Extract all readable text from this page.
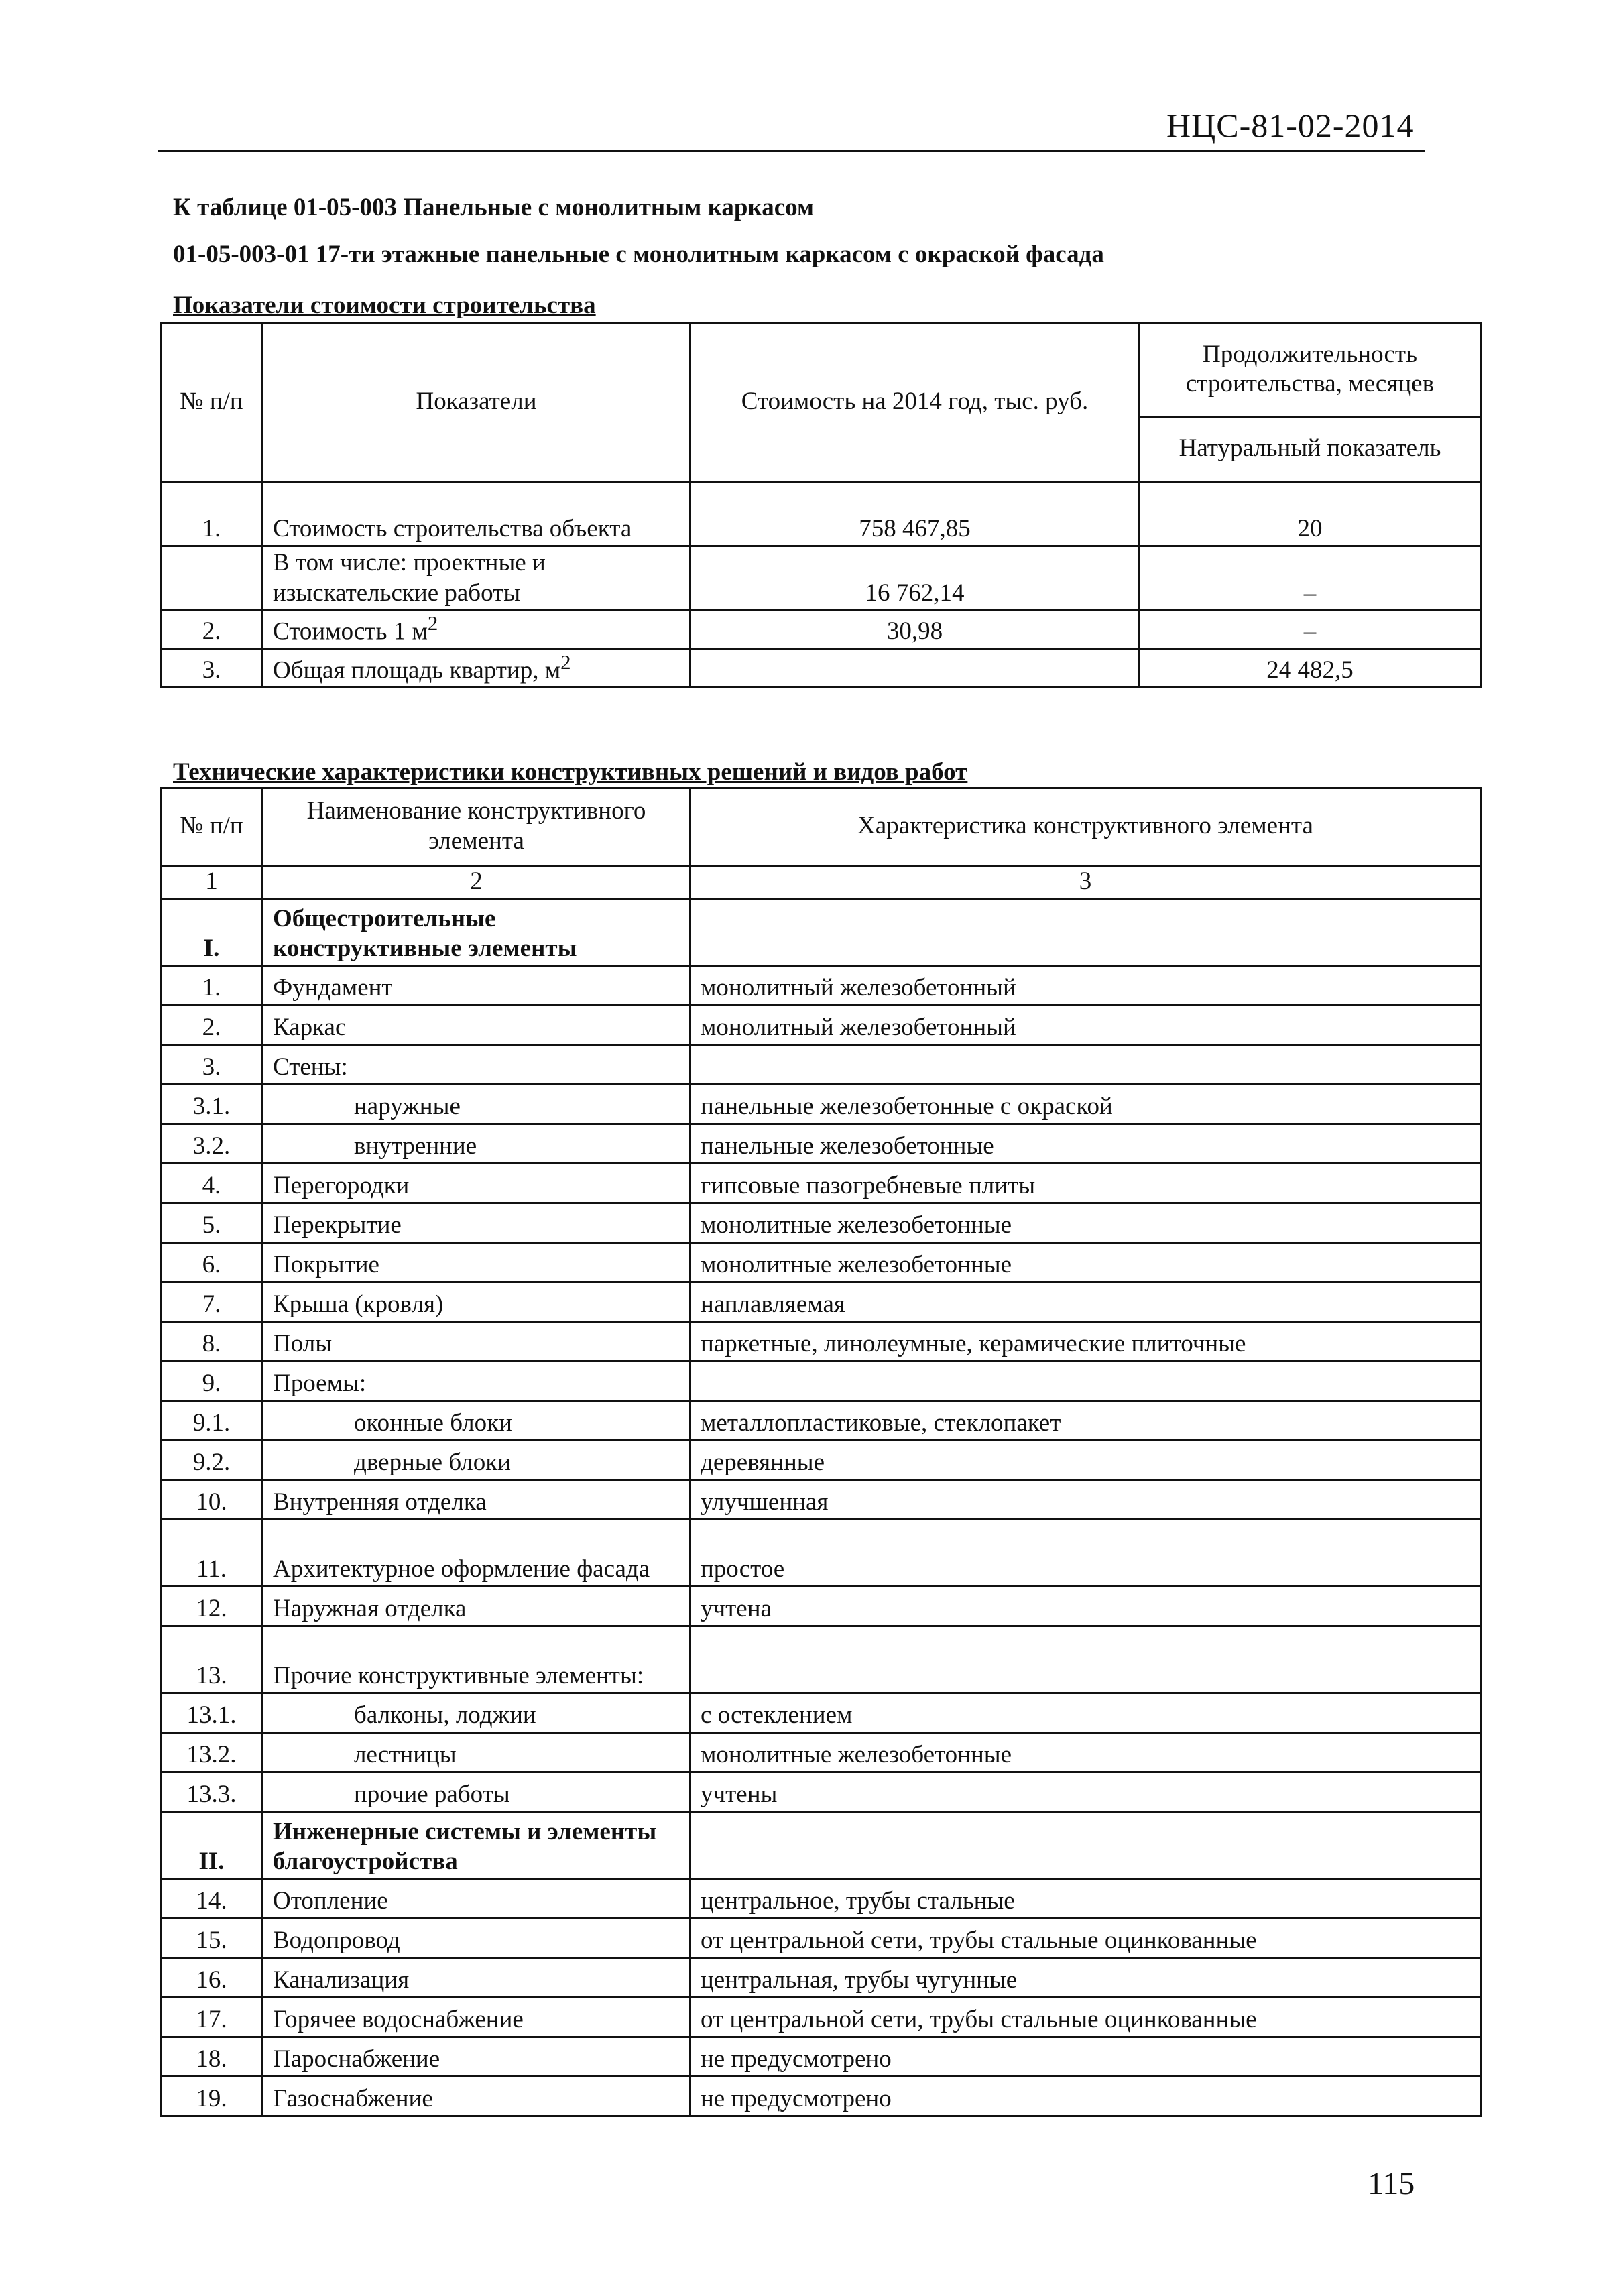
НЦС-81-02-2014
К таблице 01-05-003 Панельные с монолитным каркасом
01-05-003-01 17-ти этажные панельные с монолитным каркасом с окраской фасада
Показатели стоимости строительства
№ п/п	Показатели	Стоимость на 2014 год, тыс. руб.	Продолжительность строительства, месяцев
			Натуральный показатель
1.	Стоимость строительства объекта	758 467,85	20
	В том числе: проектные и изыскательские работы	16 762,14	–
2.	Стоимость 1 $м^2$	30,98	–
3.	Общая площадь квартир, $м^2$		24 482,5
Технические характеристики конструктивных решений и видов работ
№ п/п	Наименование конструктивного элемента	Характеристика конструктивного элемента
1	2	3
I.	Общестроительные конструктивные элементы	
1.	Фундамент	монолитный железобетонный
2.	Каркас	монолитный железобетонный
3.	Стены:	
3.1.	наружные	панельные железобетонные с окраской
3.2.	внутренние	панельные железобетонные
4.	Перегородки	гипсовые пазогребневые плиты
5.	Перекрытие	монолитные железобетонные
6.	Покрытие	монолитные железобетонные
7.	Крыша (кровля)	наплавляемая
8.	Полы	паркетные, линолеумные, керамические плиточные
9.	Проемы:	
9.1.	оконные блоки	металлопластиковые, стеклопакет
9.2.	дверные блоки	деревянные
10.	Внутренняя отделка	улучшенная
11.	Архитектурное оформление фасада	простое
12.	Наружная отделка	учтена
13.	Прочие конструктивные элементы:	
13.1.	балконы, лоджии	с остеклением
13.2.	лестницы	монолитные железобетонные
13.3.	прочие работы	учтены
II.	Инженерные системы и элементы благоустройства	
14.	Отопление	центральное, трубы стальные
15.	Водопровод	от центральной сети, трубы стальные оцинкованные
16.	Канализация	центральная, трубы чугунные
17.	Горячее водоснабжение	от центральной сети, трубы стальные оцинкованные
18.	Пароснабжение	не предусмотрено
19.	Газоснабжение	не предусмотрено
115
